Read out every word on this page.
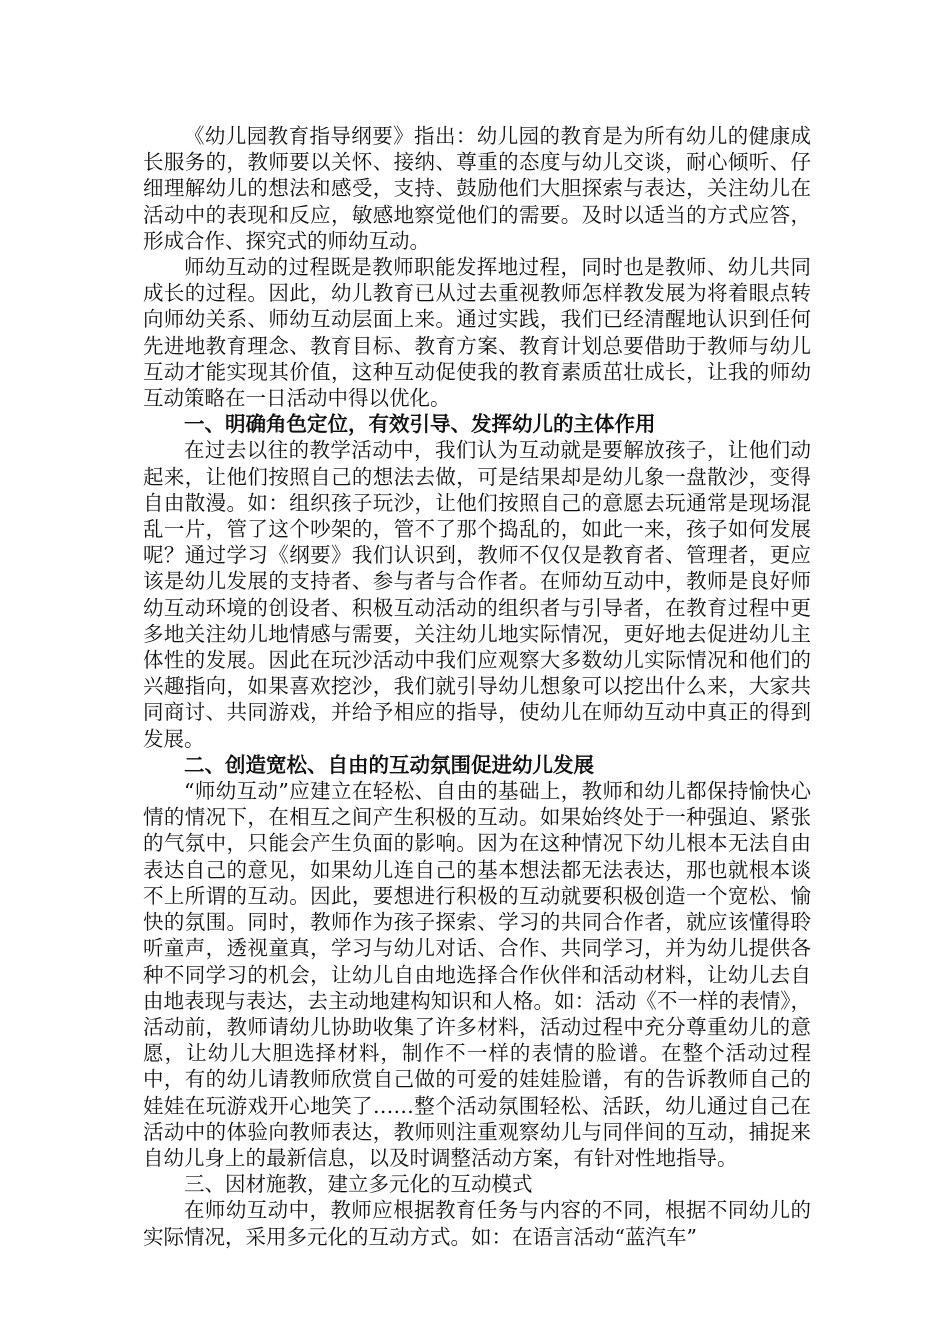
《幼儿园教育指导纲要》指出：幼儿园的教育是为所有幼儿的健康成长服务的，教师要以关怀、接纳、尊重的态度与幼儿交谈，耐心倾听、仔细理解幼儿的想法和感受，支持、鼓励他们大胆探索与表达，关注幼儿在活动中的表现和反应，敏感地察觉他们的需要。及时以适当的方式应答，形成合作、探究式的师幼互动。

师幼互动的过程既是教师职能发挥地过程，同时也是教师、幼儿共同成长的过程。因此，幼儿教育已从过去重视教师怎样教发展为将着眼点转向师幼关系、师幼互动层面上来。通过实践，我们已经清醒地认识到任何先进地教育理念、教育目标、教育方案、教育计划总要借助于教师与幼儿互动才能实现其价值，这种互动促使我的教育素质茁壮成长，让我的师幼互动策略在一日活动中得以优化。

一、明确角色定位，有效引导、发挥幼儿的主体作用

在过去以往的教学活动中，我们认为互动就是要解放孩子，让他们动起来，让他们按照自己的想法去做，可是结果却是幼儿象一盘散沙，变得自由散漫。如：组织孩子玩沙，让他们按照自己的意愿去玩通常是现场混乱一片，管了这个吵架的，管不了那个捣乱的，如此一来，孩子如何发展呢？通过学习《纲要》我们认识到，教师不仅仅是教育者、管理者，更应该是幼儿发展的支持者、参与者与合作者。在师幼互动中，教师是良好师幼互动环境的创设者、积极互动活动的组织者与引导者，在教育过程中更多地关注幼儿地情感与需要，关注幼儿地实际情况，更好地去促进幼儿主体性的发展。因此在玩沙活动中我们应观察大多数幼儿实际情况和他们的兴趣指向，如果喜欢挖沙，我们就引导幼儿想象可以挖出什么来，大家共同商讨、共同游戏，并给予相应的指导，使幼儿在师幼互动中真正的得到发展。

二、创造宽松、自由的互动氛围促进幼儿发展

“师幼互动”应建立在轻松、自由的基础上，教师和幼儿都保持愉快心情的情况下，在相互之间产生积极的互动。如果始终处于一种强迫、紧张的气氛中，只能会产生负面的影响。因为在这种情况下幼儿根本无法自由表达自己的意见，如果幼儿连自己的基本想法都无法表达，那也就根本谈不上所谓的互动。因此，要想进行积极的互动就要积极创造一个宽松、愉快的氛围。同时，教师作为孩子探索、学习的共同合作者，就应该懂得聆听童声，透视童真，学习与幼儿对话、合作、共同学习，并为幼儿提供各种不同学习的机会，让幼儿自由地选择合作伙伴和活动材料，让幼儿去自由地表现与表达，去主动地建构知识和人格。如：活动《不一样的表情》，活动前，教师请幼儿协助收集了许多材料，活动过程中充分尊重幼儿的意愿，让幼儿大胆选择材料，制作不一样的表情的脸谱。在整个活动过程中，有的幼儿请教师欣赏自己做的可爱的娃娃脸谱，有的告诉教师自己的娃娃在玩游戏开心地笑了……整个活动氛围轻松、活跃，幼儿通过自己在活动中的体验向教师表达，教师则注重观察幼儿与同伴间的互动，捕捉来自幼儿身上的最新信息，以及时调整活动方案，有针对性地指导。

三、因材施教，建立多元化的互动模式

在师幼互动中，教师应根据教育任务与内容的不同，根据不同幼儿的实际情况，采用多元化的互动方式。如：在语言活动“蓝汽车”
